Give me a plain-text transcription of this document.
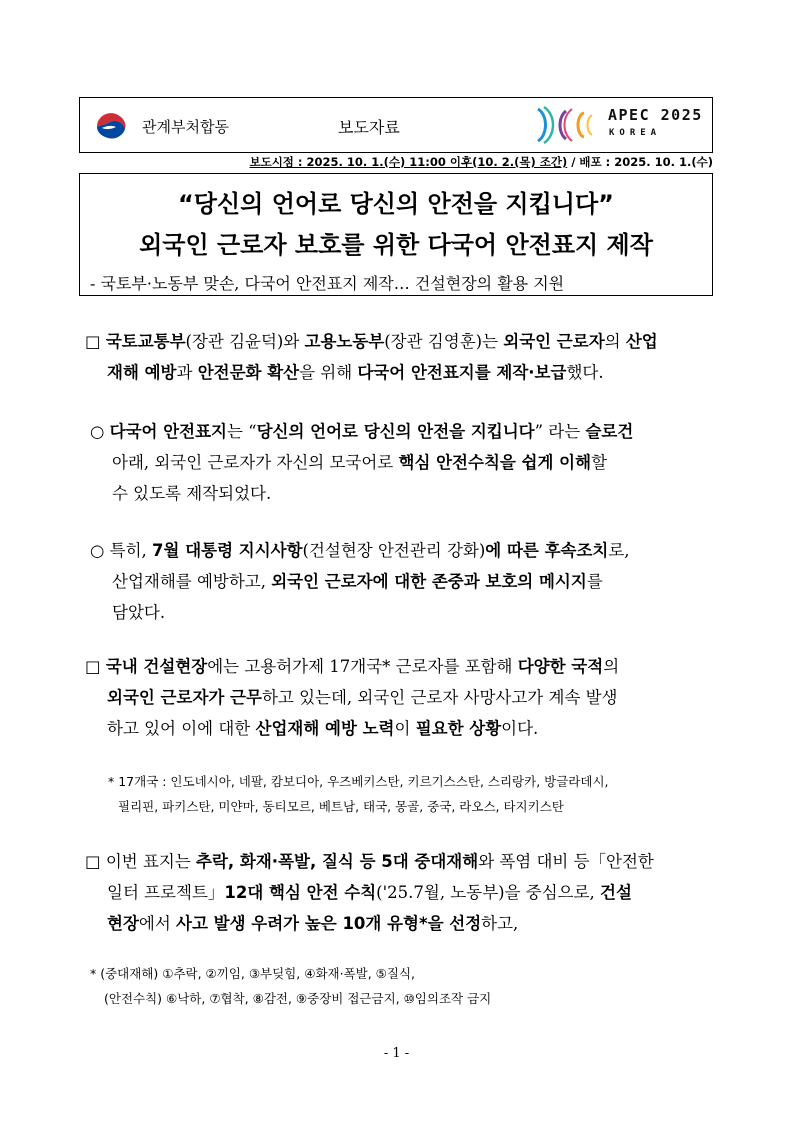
관계부처합동	보도자료
APEC 2025
KOREA
보도시점 : 2025. 10. 1.(수) 11:00 이후(10. 2.(목) 조간) / 배포 : 2025. 10. 1.(수)
“당신의 언어로 당신의 안전을 지킵니다”
외국인 근로자 보호를 위한 다국어 안전표지 제작
- 국토부·노동부 맞손, 다국어 안전표지 제작… 건설현장의 활용 지원
□ 국토교통부(장관 김윤덕)와 고용노동부(장관 김영훈)는 외국인 근로자의 산업
재해 예방과 안전문화 확산을 위해 다국어 안전표지를 제작·보급했다.
○ 다국어 안전표지는 “당신의 언어로 당신의 안전을 지킵니다” 라는 슬로건
아래, 외국인 근로자가 자신의 모국어로 핵심 안전수칙을 쉽게 이해할
수 있도록 제작되었다.
○ 특히, 7월 대통령 지시사항(건설현장 안전관리 강화)에 따른 후속조치로,
산업재해를 예방하고, 외국인 근로자에 대한 존중과 보호의 메시지를
담았다.
□ 국내 건설현장에는 고용허가제 17개국* 근로자를 포함해 다양한 국적의
외국인 근로자가 근무하고 있는데, 외국인 근로자 사망사고가 계속 발생
하고 있어 이에 대한 산업재해 예방 노력이 필요한 상황이다.
* 17개국 : 인도네시아, 네팔, 캄보디아, 우즈베키스탄, 키르기스스탄, 스리랑카, 방글라데시,
필리핀, 파키스탄, 미얀마, 동티모르, 베트남, 태국, 몽골, 중국, 라오스, 타지키스탄
□ 이번 표지는 추락, 화재·폭발, 질식 등 5대 중대재해와 폭염 대비 등「안전한
일터 프로젝트」12대 핵심 안전 수칙('25.7월, 노동부)을 중심으로, 건설
현장에서 사고 발생 우려가 높은 10개 유형*을 선정하고,
* (중대재해) ①추락, ②끼임, ③부딪힘, ④화재·폭발, ⑤질식,
(안전수칙) ⑥낙하, ⑦협착, ⑧감전, ⑨중장비 접근금지, ⑩임의조작 금지
- 1 -
